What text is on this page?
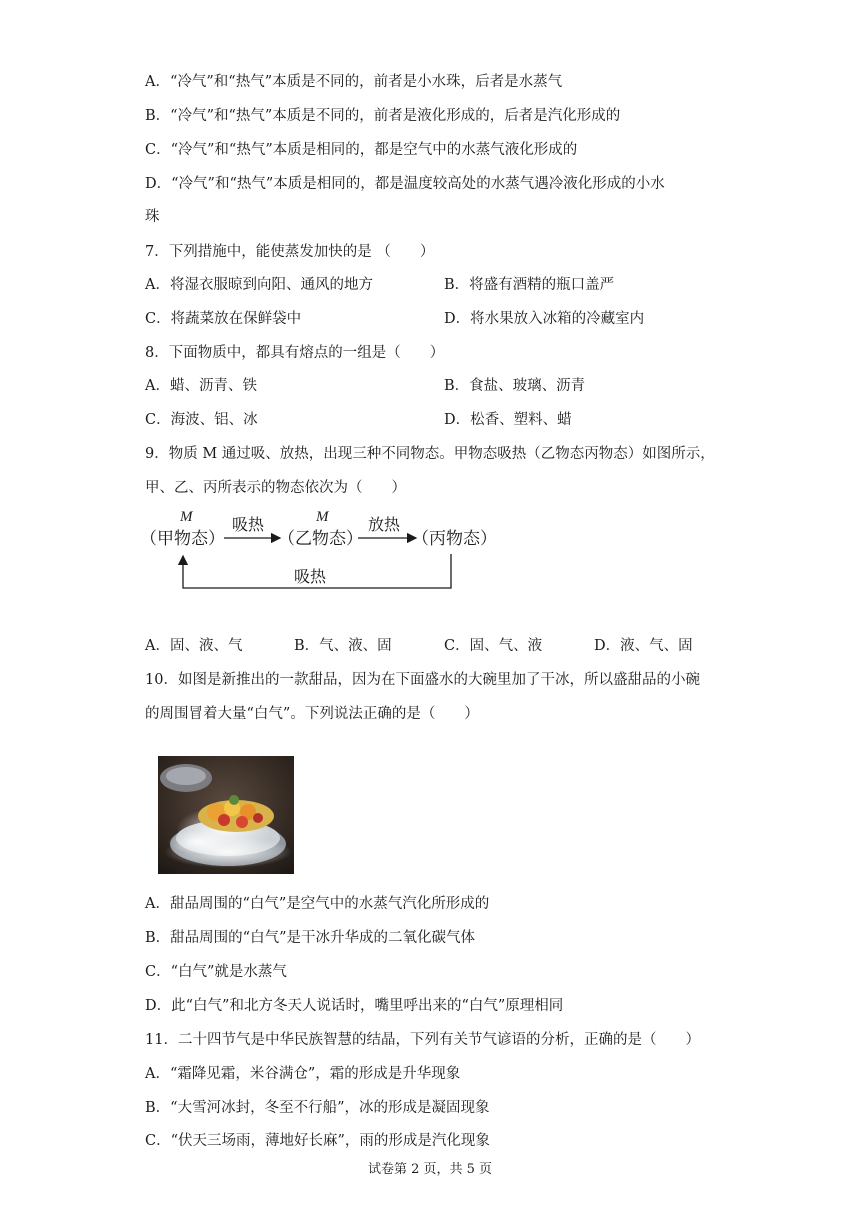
A．“冷气”和“热气”本质是不同的，前者是小水珠，后者是水蒸气
B．“冷气”和“热气”本质是不同的，前者是液化形成的，后者是汽化形成的
C．“冷气”和“热气”本质是相同的，都是空气中的水蒸气液化形成的
D．“冷气”和“热气”本质是相同的，都是温度较高处的水蒸气遇冷液化形成的小水
珠
7．下列措施中，能使蒸发加快的是 （　　）
A．将湿衣服晾到向阳、通风的地方	B．将盛有酒精的瓶口盖严
C．将蔬菜放在保鲜袋中	D．将水果放入冰箱的冷藏室内
8．下面物质中，都具有熔点的一组是（　　）
A．蜡、沥青、铁	B．食盐、玻璃、沥青
C．海波、铝、冰	D．松香、塑料、蜡
9．物质 M 通过吸、放热，出现三种不同物态。甲物态吸热（乙物态丙物态）如图所示，
甲、乙、丙所表示的物态依次为（　　）
M	M
（甲物态）	（乙物态）	（丙物态）
吸热	放热
吸热
A．固、液、气	B．气、液、固	C．固、气、液	D．液、气、固
10．如图是新推出的一款甜品，因为在下面盛水的大碗里加了干冰，所以盛甜品的小碗
的周围冒着大量“白气”。下列说法正确的是（　　）
A．甜品周围的“白气”是空气中的水蒸气汽化所形成的
B．甜品周围的“白气”是干冰升华成的二氧化碳气体
C．“白气”就是水蒸气
D．此“白气”和北方冬天人说话时，嘴里呼出来的“白气”原理相同
11．二十四节气是中华民族智慧的结晶，下列有关节气谚语的分析，正确的是（　　）
A．“霜降见霜，米谷满仓”，霜的形成是升华现象
B．“大雪河冰封，冬至不行船”，冰的形成是凝固现象
C．“伏天三场雨，薄地好长麻”，雨的形成是汽化现象
试卷第 2 页，共 5 页
